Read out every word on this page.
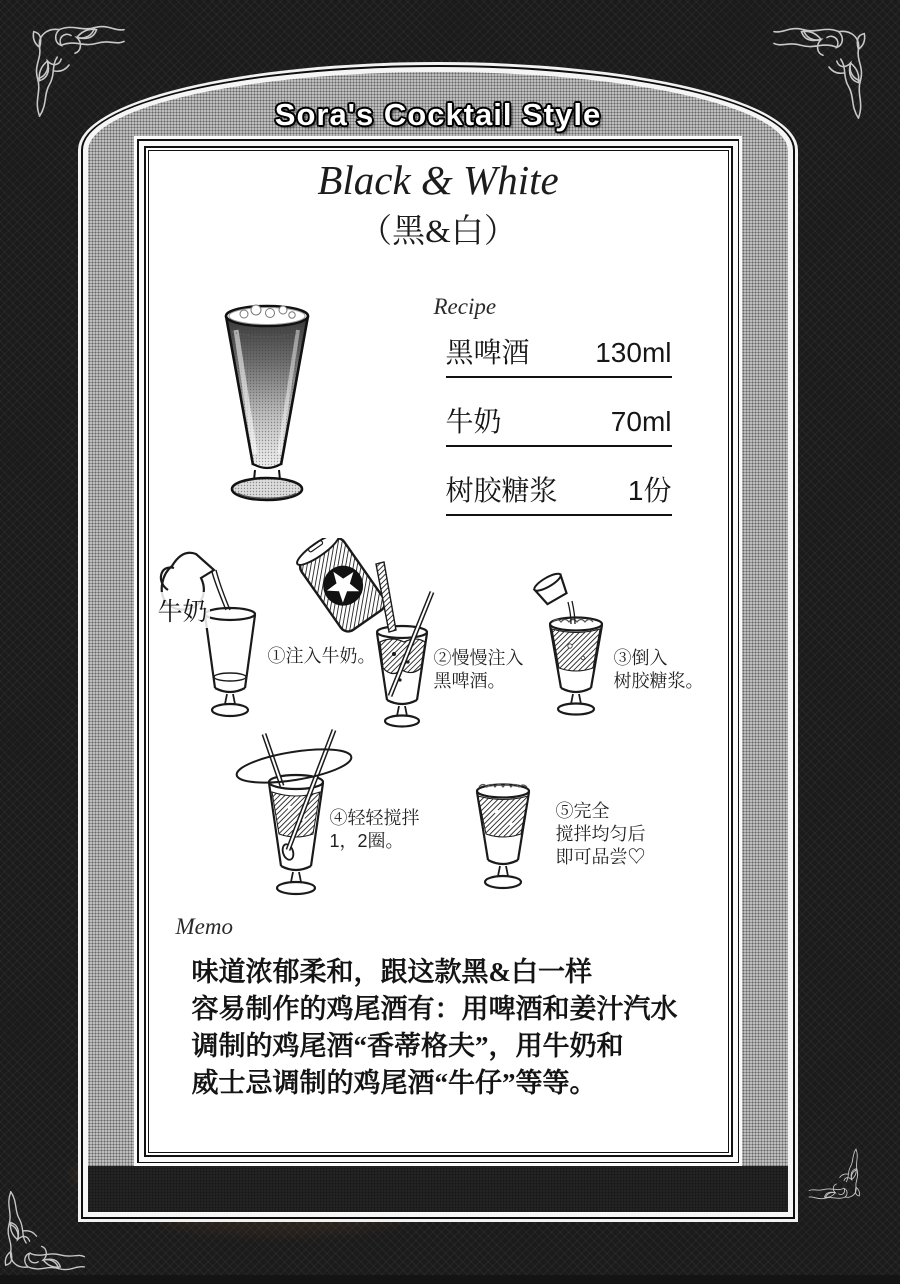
Sora's Cocktail Style
Black & White
（黑&白）
Recipe
黑啤酒 130ml
牛奶	70ml
树胶糖浆	1份
牛奶
①注入牛奶。	②慢慢注入
黑啤酒。
③倒入
树胶糖浆。
④轻轻搅拌
1，2圈。
⑤完全
搅拌均匀后
即可品尝♡
Memo
味道浓郁柔和，跟这款黑&白一样
容易制作的鸡尾酒有：用啤酒和姜汁汽水
调制的鸡尾酒“香蒂格夫”，用牛奶和
威士忌调制的鸡尾酒“牛仔”等等。
